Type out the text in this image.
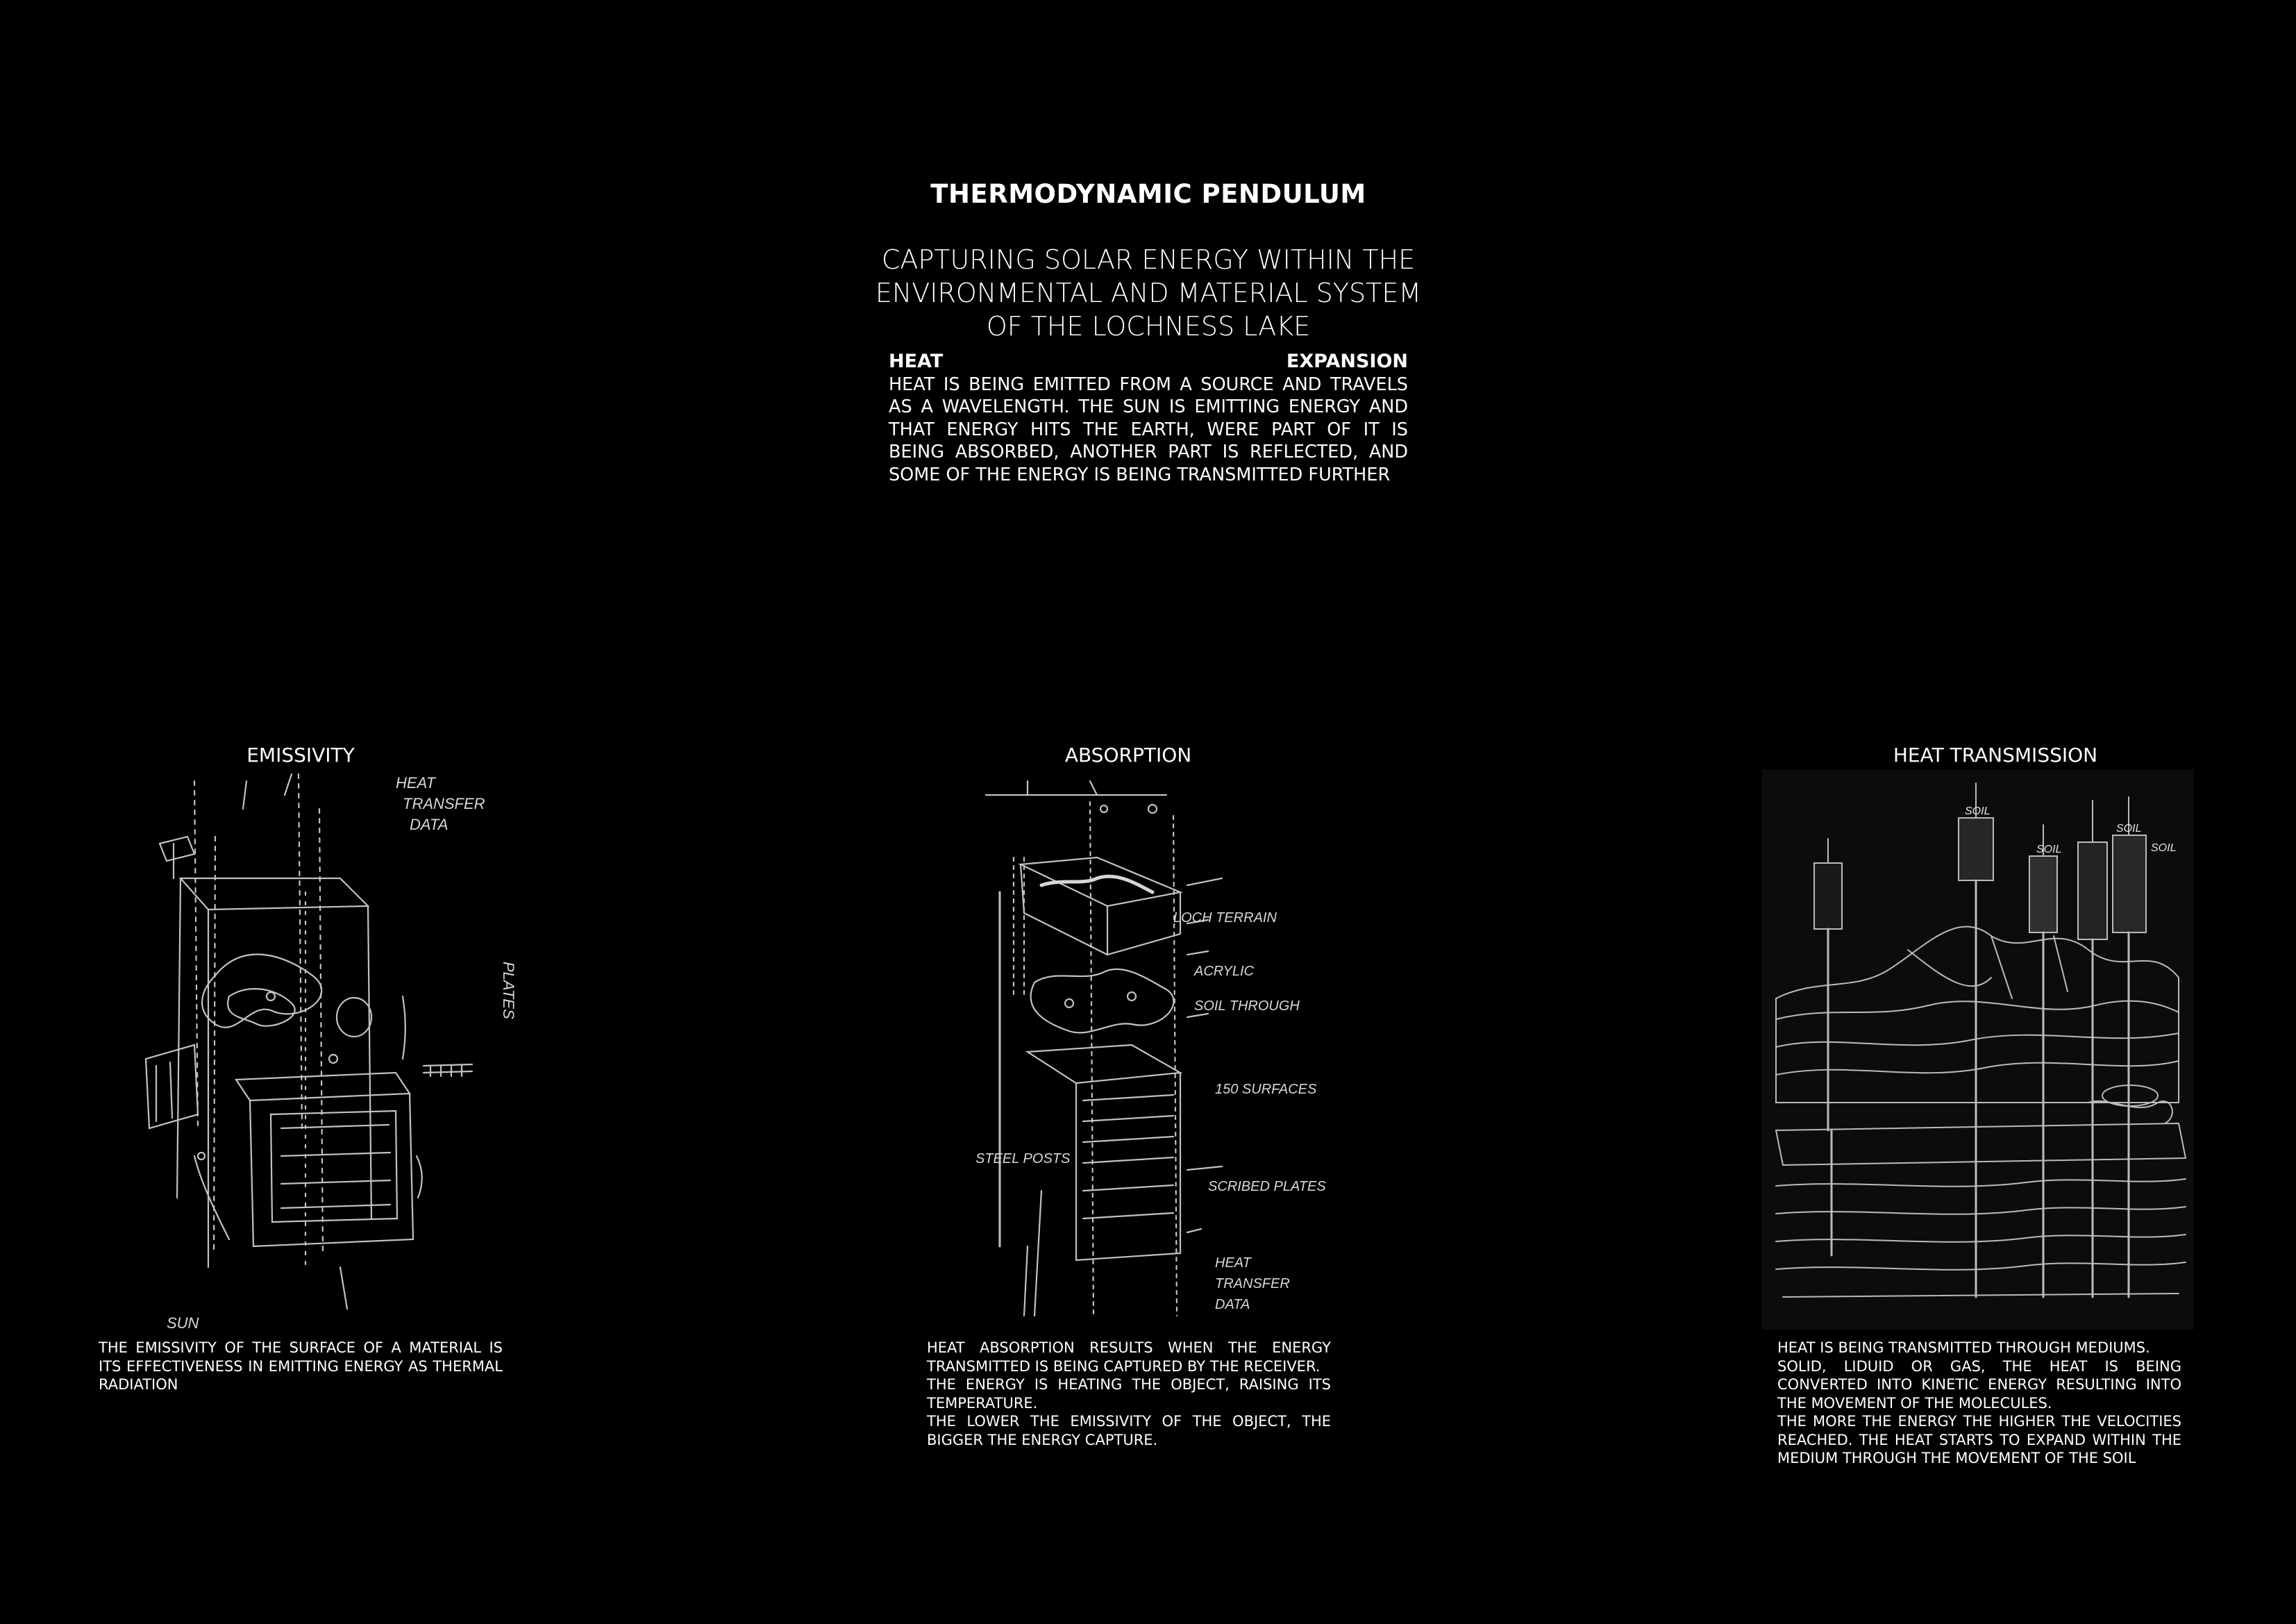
THERMODYNAMIC PENDULUM
CAPTURING SOLAR ENERGY WITHIN THE
ENVIRONMENTAL AND MATERIAL SYSTEM
OF THE LOCHNESS LAKE
HEAT	EXPANSION
HEAT IS BEING EMITTED FROM A SOURCE AND TRAVELS AS A WAVELENGTH. THE SUN IS EMITTING ENERGY AND THAT ENERGY HITS THE EARTH, WERE PART OF IT IS BEING ABSORBED, ANOTHER PART IS REFLECTED, AND SOME OF THE ENERGY IS BEING TRANSMITTED FURTHER
EMISSIVITY
HEAT
TRANSFER
DATA
PLATES
SUN

THE EMISSIVITY OF THE SURFACE OF A MATERIAL IS ITS EFFECTIVENESS IN EMITTING ENERGY AS THERMAL RADIATION

ABSORPTION
LOCH TERRAIN
ACRYLIC
SOIL THROUGH
150 SURFACES
STEEL POSTS
SCRIBED PLATES
HEAT
TRANSFER
DATA

HEAT ABSORPTION RESULTS WHEN THE ENERGY TRANSMITTED IS BEING CAPTURED BY THE RECEIVER.

THE ENERGY IS HEATING THE OBJECT, RAISING ITS TEMPERATURE.

THE LOWER THE EMISSIVITY OF THE OBJECT, THE BIGGER THE ENERGY CAPTURE.

HEAT TRANSMISSION
SOIL
SOIL
SOIL
SOIL

HEAT IS BEING TRANSMITTED THROUGH MEDIUMS.

SOLID, LIDUID OR GAS, THE HEAT IS BEING CONVERTED INTO KINETIC ENERGY RESULTING INTO THE MOVEMENT OF THE MOLECULES.

THE MORE THE ENERGY THE HIGHER THE VELOCITIES REACHED. THE HEAT STARTS TO EXPAND WITHIN THE MEDIUM THROUGH THE MOVEMENT OF THE SOIL
